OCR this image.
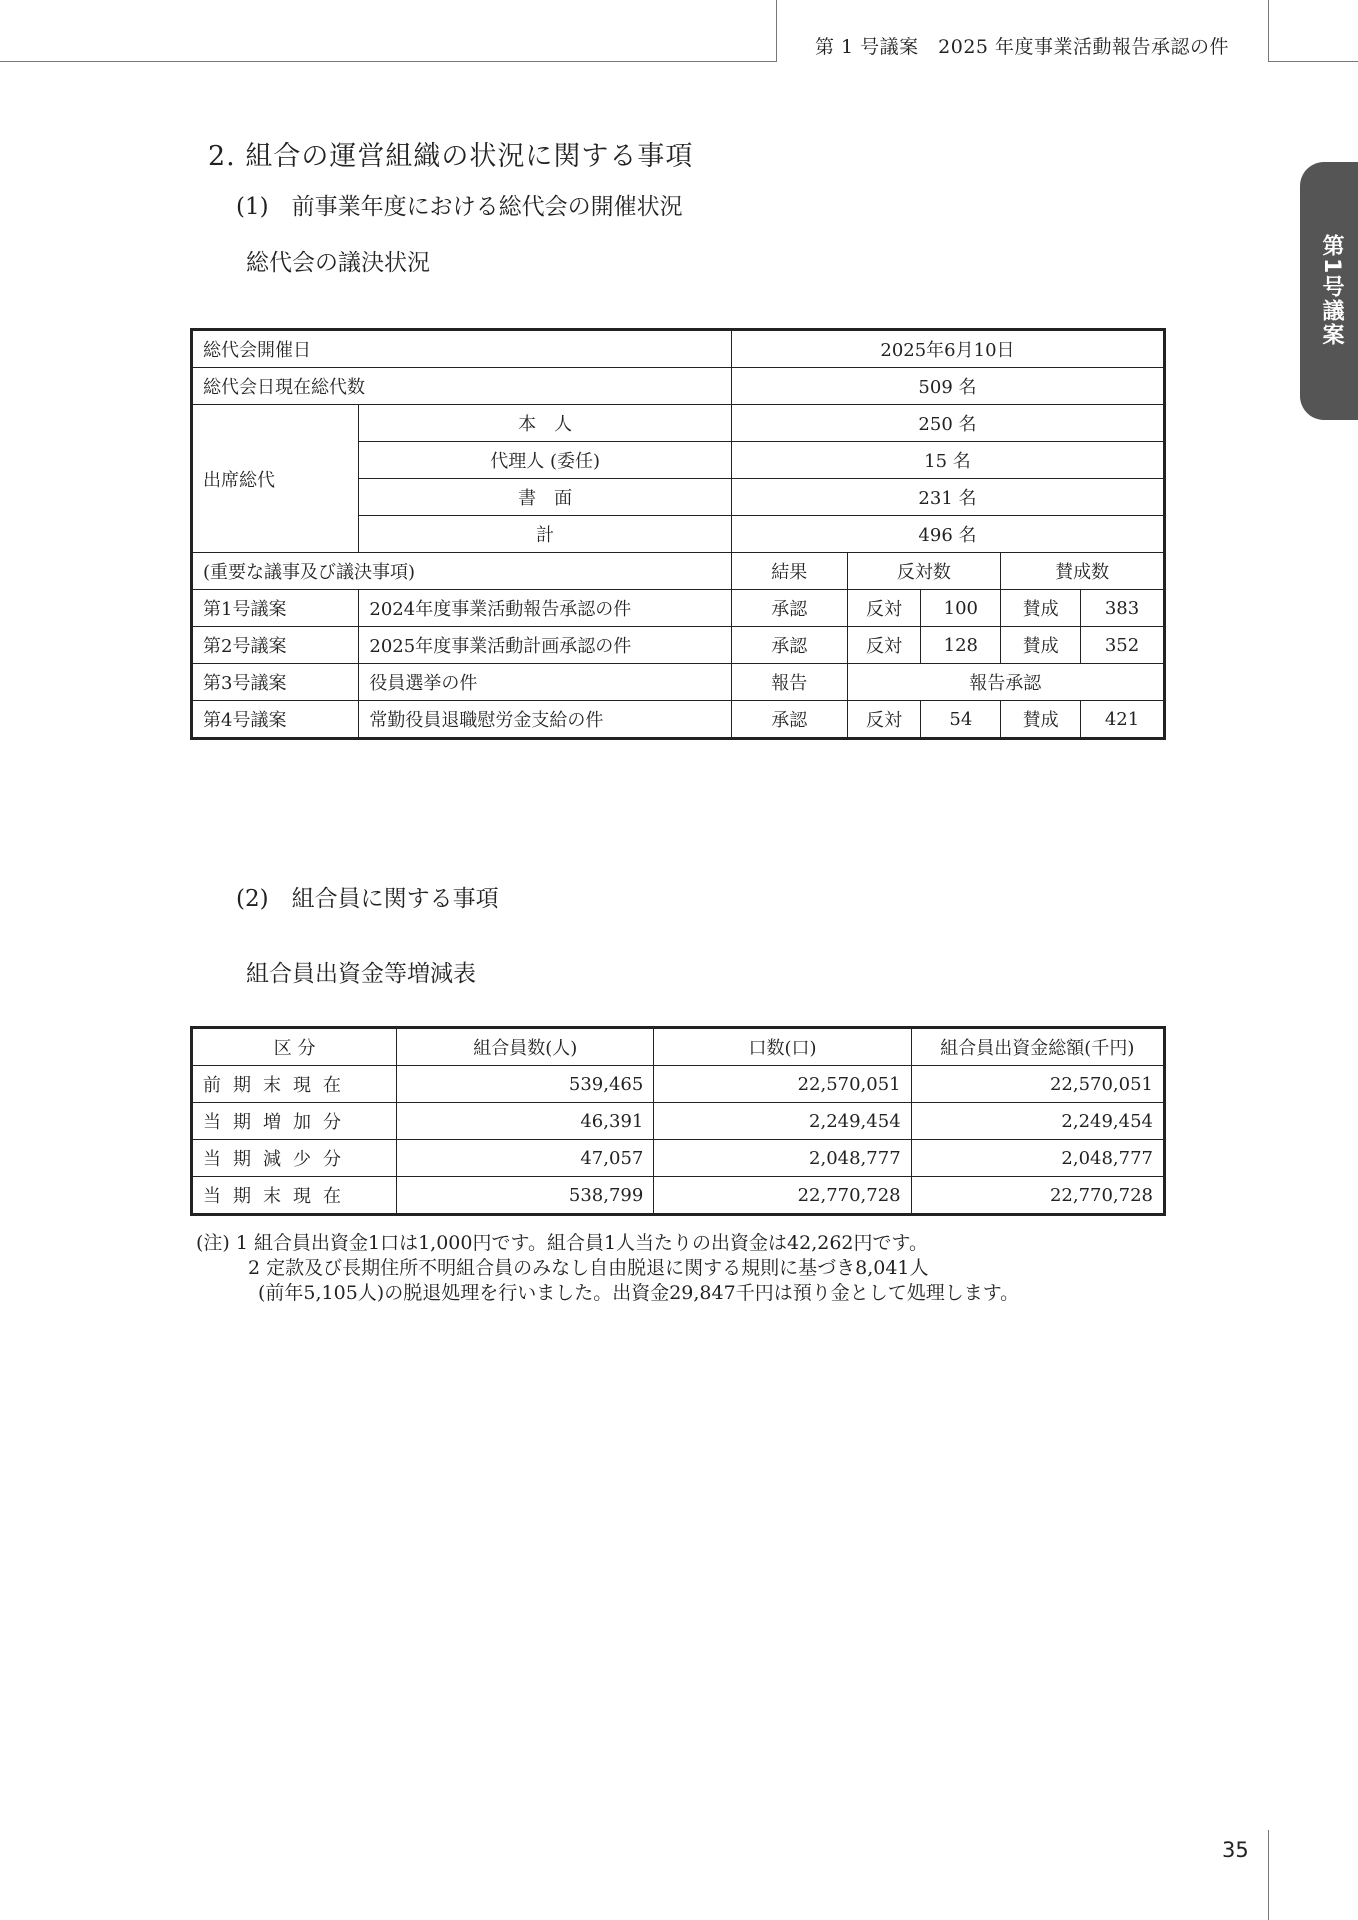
第 1 号議案　2025 年度事業活動報告承認の件
第1号議案
2. 組合の運営組織の状況に関する事項
(1)　前事業年度における総代会の開催状況
総代会の議決状況
総代会開催日		2025年6月10日				
総代会日現在総代数		509 名				
出席総代	本　人	250 名				
	代理人 (委任)	15 名				
	書　面	231 名				
	計	496 名				
(重要な議事及び議決事項)		結果	反対数		賛成数	
第1号議案	2024年度事業活動報告承認の件	承認	反対	100	賛成	383
第2号議案	2025年度事業活動計画承認の件	承認	反対	128	賛成	352
第3号議案	役員選挙の件	報告	報告承認			
第4号議案	常勤役員退職慰労金支給の件	承認	反対	54	賛成	421
(2)　組合員に関する事項
組合員出資金等増減表
区 分	組合員数(人)	口数(口)	組合員出資金総額(千円)
前期末現在	539,465	22,570,051	22,570,051
当期増加分	46,391	2,249,454	2,249,454
当期減少分	47,057	2,048,777	2,048,777
当期末現在	538,799	22,770,728	22,770,728
(注) 1 組合員出資金1口は1,000円です。組合員1人当たりの出資金は42,262円です。
2 定款及び長期住所不明組合員のみなし自由脱退に関する規則に基づき8,041人
(前年5,105人)の脱退処理を行いました。出資金29,847千円は預り金として処理します。
35
